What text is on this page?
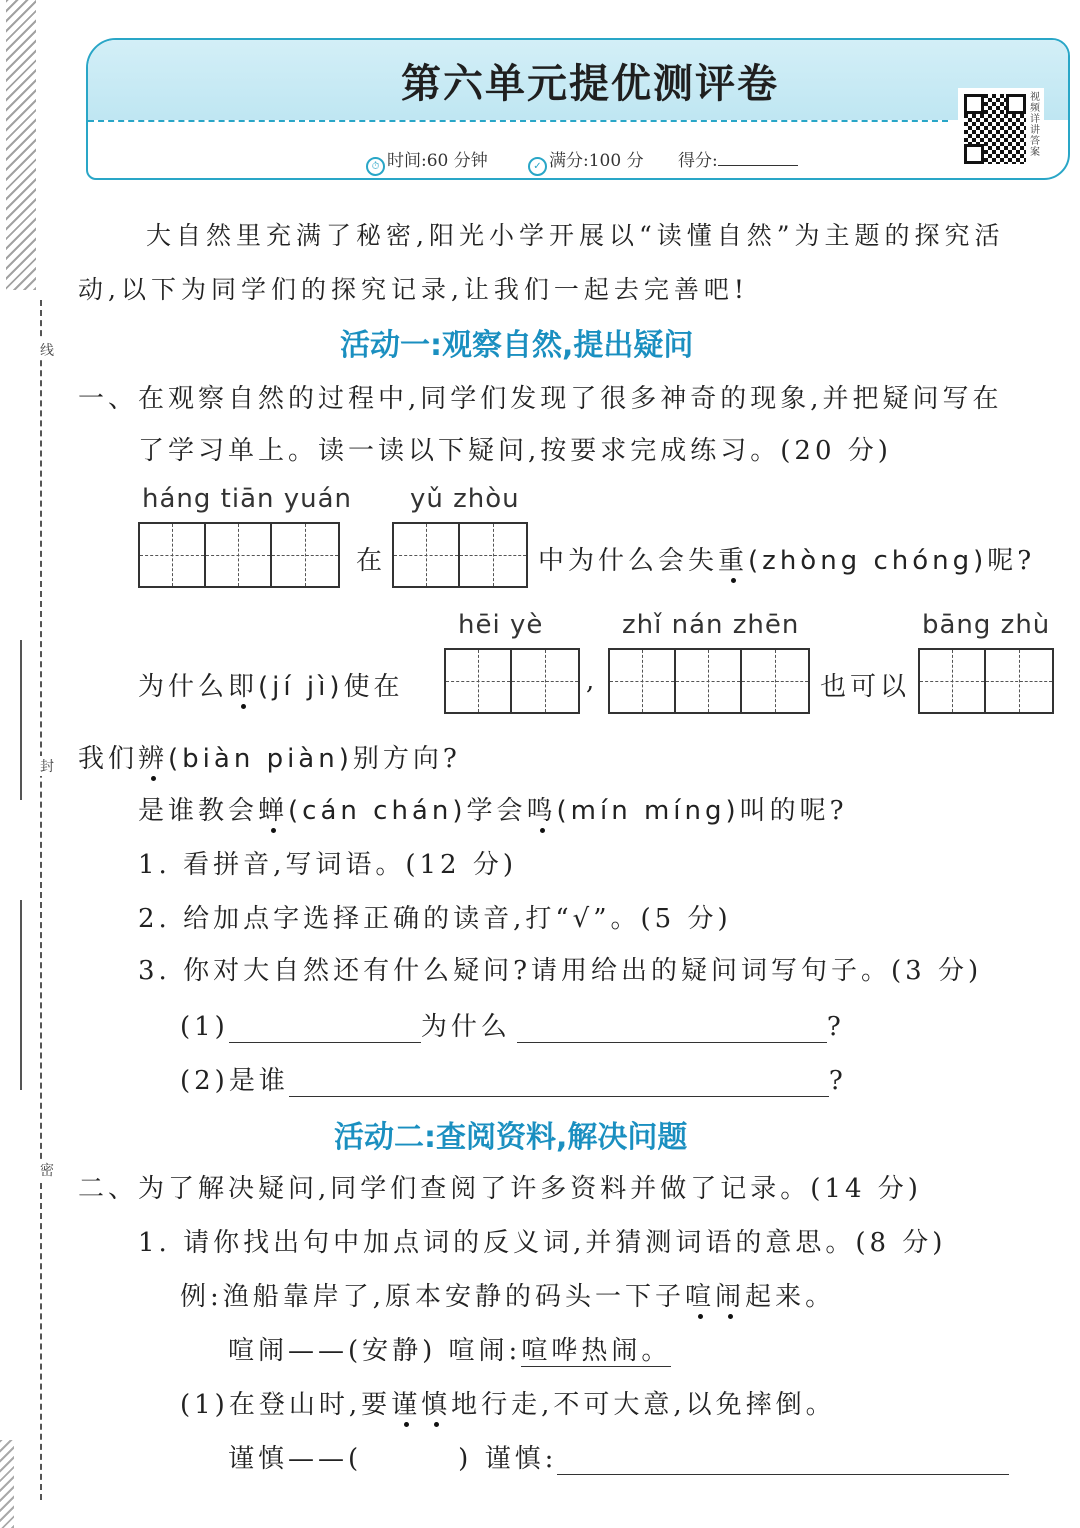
线
封
密
第六单元提优测评卷
⏱ 时间:60 分钟	✓ 满分:100 分 得分:
视频详讲答案
大自然里充满了秘密,阳光小学开展以“读懂自然”为主题的探究活
动,以下为同学们的探究记录,让我们一起去完善吧!
活动一:观察自然,提出疑问
一、在观察自然的过程中,同学们发现了很多神奇的现象,并把疑问写在
了学习单上。读一读以下疑问,按要求完成练习。(20 分)
háng tiān yuán yǔ zhòu
在	中为什么会失重(zhòng chóng)呢?
hēi yè	zhǐ nán zhēn	bāng zhù
为什么即(jí jì)使在	,	也可以
我们辨(biàn piàn)别方向?
是谁教会蝉(cán chán)学会鸣(mín míng)叫的呢?
1. 看拼音,写词语。(12 分)
2. 给加点字选择正确的读音,打“√”。(5 分)
3. 你对大自然还有什么疑问?请用给出的疑问词写句子。(3 分)
(1)	为什么	?
(2)是谁	?
活动二:查阅资料,解决问题
二、为了解决疑问,同学们查阅了许多资料并做了记录。(14 分)
1. 请你找出句中加点词的反义词,并猜测词语的意思。(8 分)
例:渔船靠岸了,原本安静的码头一下子喧闹起来。
喧闹——(安静) 喧闹:喧哗热闹。
(1)在登山时,要谨慎地行走,不可大意,以免摔倒。
谨慎——(	) 谨慎:
